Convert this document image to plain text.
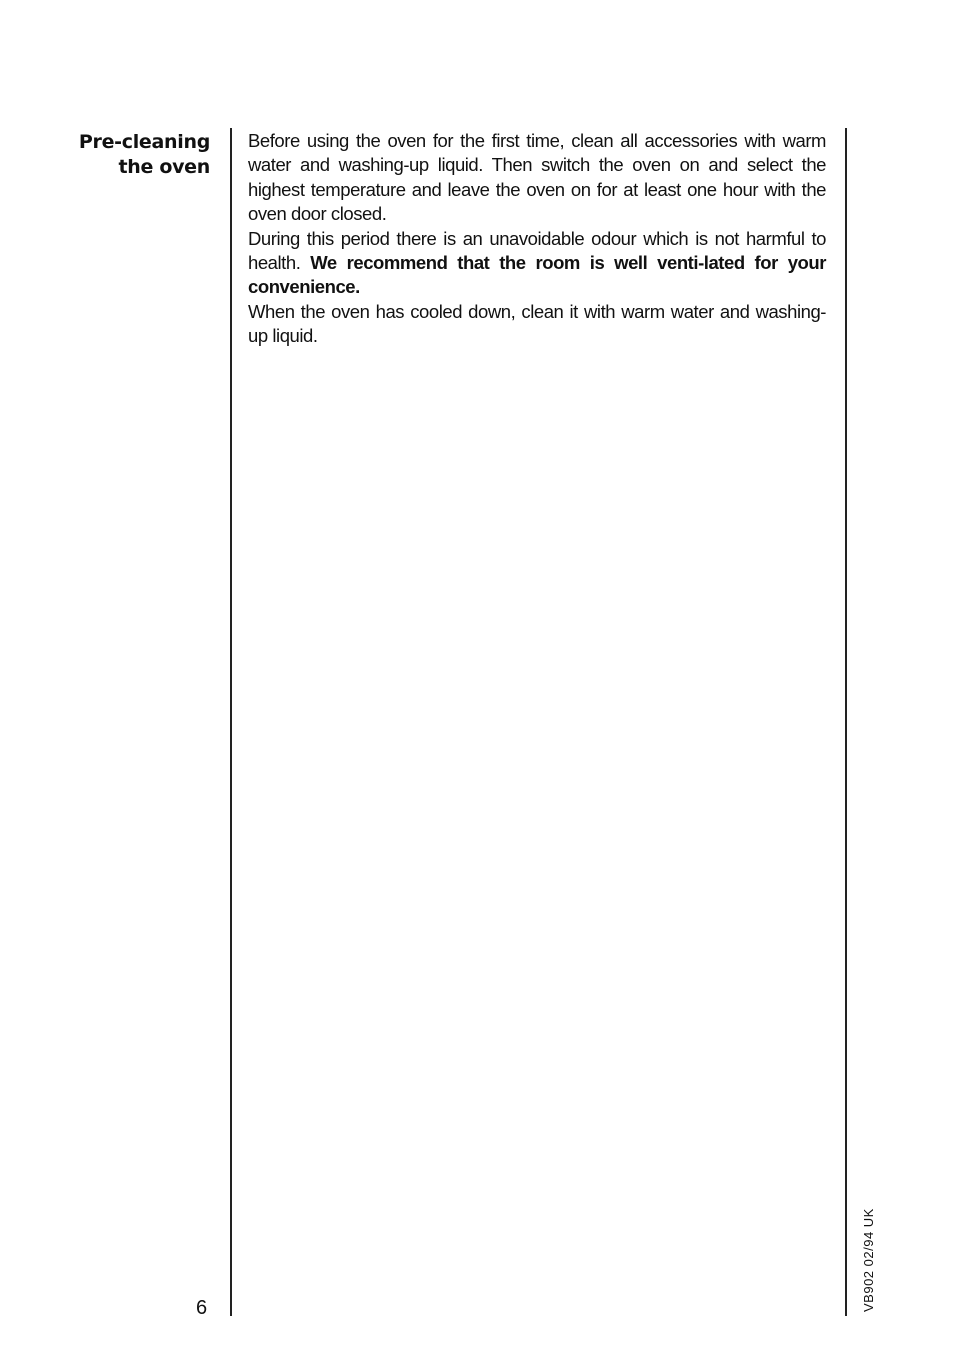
Pre-cleaning
the oven

Before using the oven for the first time, clean all accessories with warm water and washing-up liquid. Then switch the oven on and select the highest temperature and leave the oven on for at least one hour with the oven door closed.

During this period there is an unavoidable odour which is not harmful to health. We recommend that the room is well venti-lated for your convenience.

When the oven has cooled down, clean it with warm water and washing-up liquid.

6	VB902 02/94 UK
